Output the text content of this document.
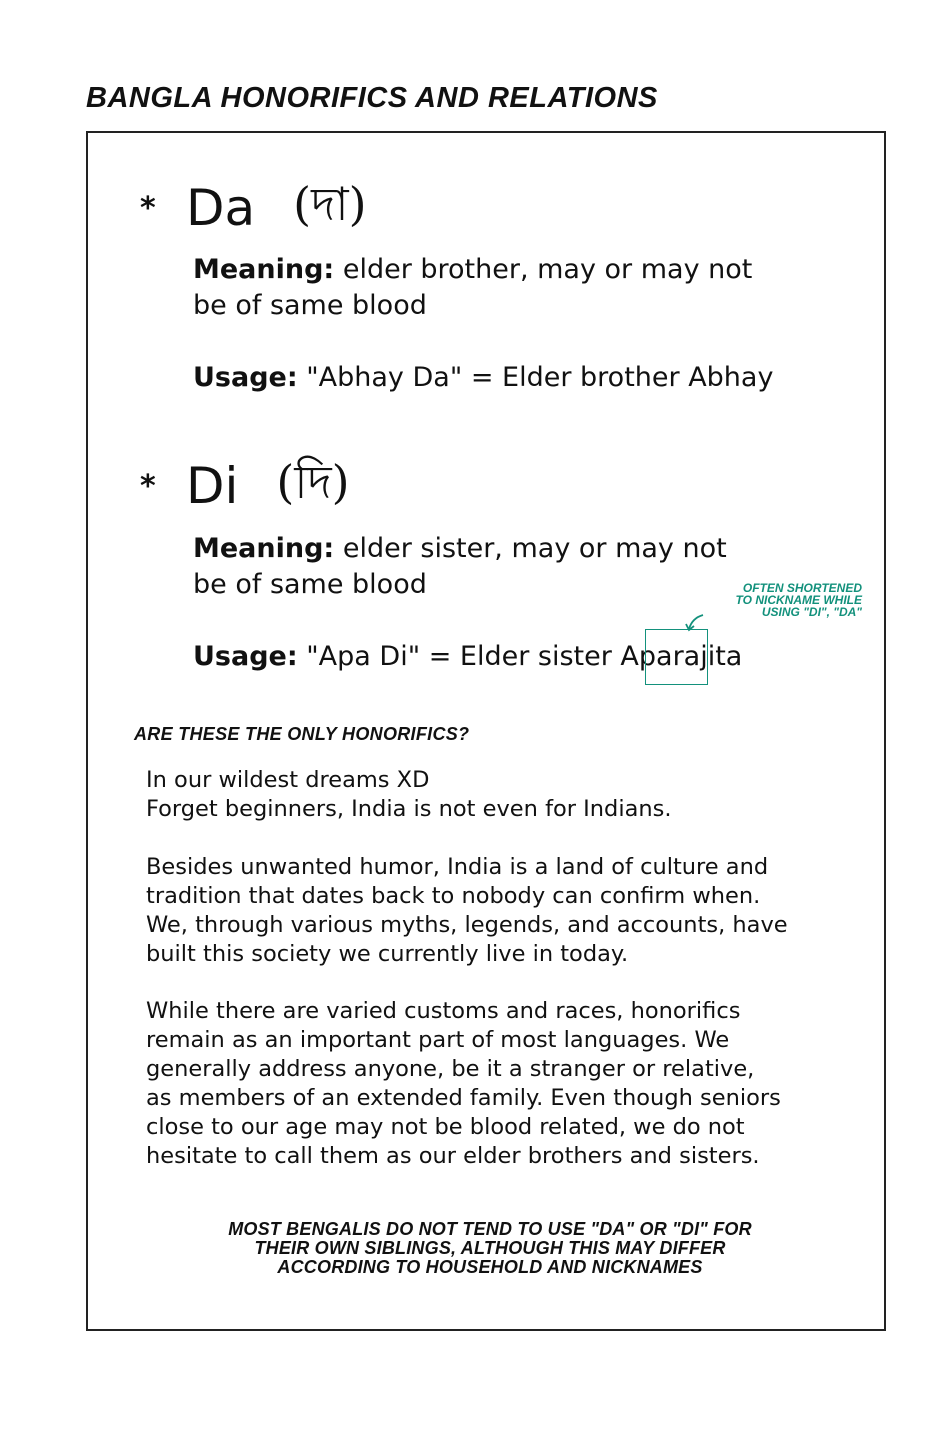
BANGLA HONORIFICS AND RELATIONS
* Da (দা)
Meaning: elder brother, may or may not
be of same blood
Usage: "Abhay Da" = Elder brother Abhay
* Di (দি)
Meaning: elder sister, may or may not
be of same blood
Usage: "Apa Di" = Elder sister Aparajita
OFTEN SHORTENED
TO NICKNAME WHILE
USING "DI", "DA"
ARE THESE THE ONLY HONORIFICS?
In our wildest dreams XD
Forget beginners, India is not even for Indians.
Besides unwanted humor, India is a land of culture and
tradition that dates back to nobody can confirm when.
We, through various myths, legends, and accounts, have
built this society we currently live in today.
While there are varied customs and races, honorifics
remain as an important part of most languages. We
generally address anyone, be it a stranger or relative,
as members of an extended family. Even though seniors
close to our age may not be blood related, we do not
hesitate to call them as our elder brothers and sisters.
MOST BENGALIS DO NOT TEND TO USE "DA" OR "DI" FOR
THEIR OWN SIBLINGS, ALTHOUGH THIS MAY DIFFER
ACCORDING TO HOUSEHOLD AND NICKNAMES
